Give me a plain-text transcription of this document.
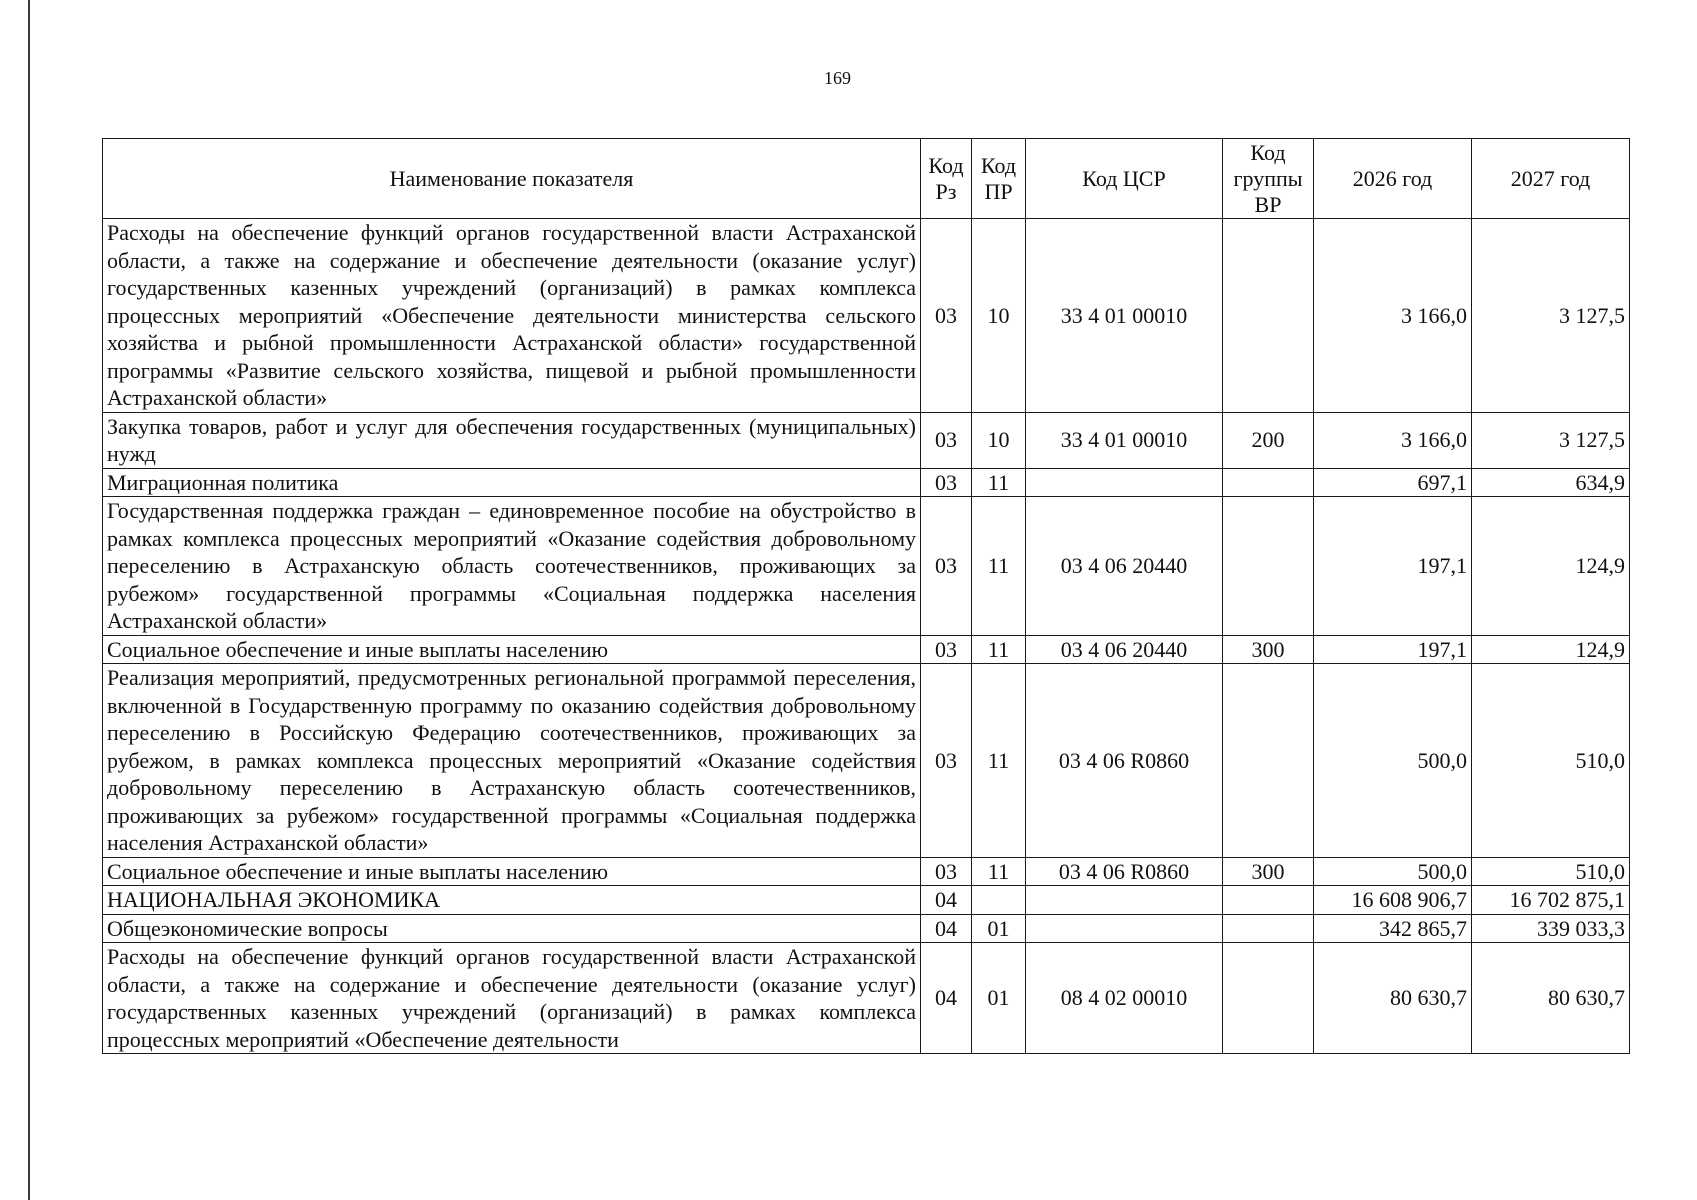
169
Наименование показателя	Код Рз	Код ПР	Код ЦСР	Код группы ВР	2026 год	2027 год
Расходы на обеспечение функций органов государственной власти Астраханской области, а также на содержание и обеспечение деятельности (оказание услуг) государственных казенных учреждений (организаций) в рамках комплекса процессных мероприятий «Обеспечение деятельности министерства сельского хозяйства и рыбной промышленности Астраханской области» государственной программы «Развитие сельского хозяйства, пищевой и рыбной промышленности Астраханской области»	03	10	33 4 01 00010		3 166,0	3 127,5
Закупка товаров, работ и услуг для обеспечения государственных (муниципальных) нужд	03	10	33 4 01 00010	200	3 166,0	3 127,5
Миграционная политика	03	11			697,1	634,9
Государственная поддержка граждан – единовременное пособие на обустройство в рамках комплекса процессных мероприятий «Оказание содействия добровольному переселению в Астраханскую область соотечественников, проживающих за рубежом» государственной программы «Социальная поддержка населения Астраханской области»	03	11	03 4 06 20440		197,1	124,9
Социальное обеспечение и иные выплаты населению	03	11	03 4 06 20440	300	197,1	124,9
Реализация мероприятий, предусмотренных региональной программой переселения, включенной в Государственную программу по оказанию содействия добровольному переселению в Российскую Федерацию соотечественников, проживающих за рубежом, в рамках комплекса процессных мероприятий «Оказание содействия добровольному переселению в Астраханскую область соотечественников, проживающих за рубежом» государственной программы «Социальная поддержка населения Астраханской области»	03	11	03 4 06 R0860		500,0	510,0
Социальное обеспечение и иные выплаты населению	03	11	03 4 06 R0860	300	500,0	510,0
НАЦИОНАЛЬНАЯ ЭКОНОМИКА	04				16 608 906,7	16 702 875,1
Общеэкономические вопросы	04	01			342 865,7	339 033,3
Расходы на обеспечение функций органов государственной власти Астраханской области, а также на содержание и обеспечение деятельности (оказание услуг) государственных казенных учреждений (организаций) в рамках комплекса процессных мероприятий «Обеспечение деятельности	04	01	08 4 02 00010		80 630,7	80 630,7
